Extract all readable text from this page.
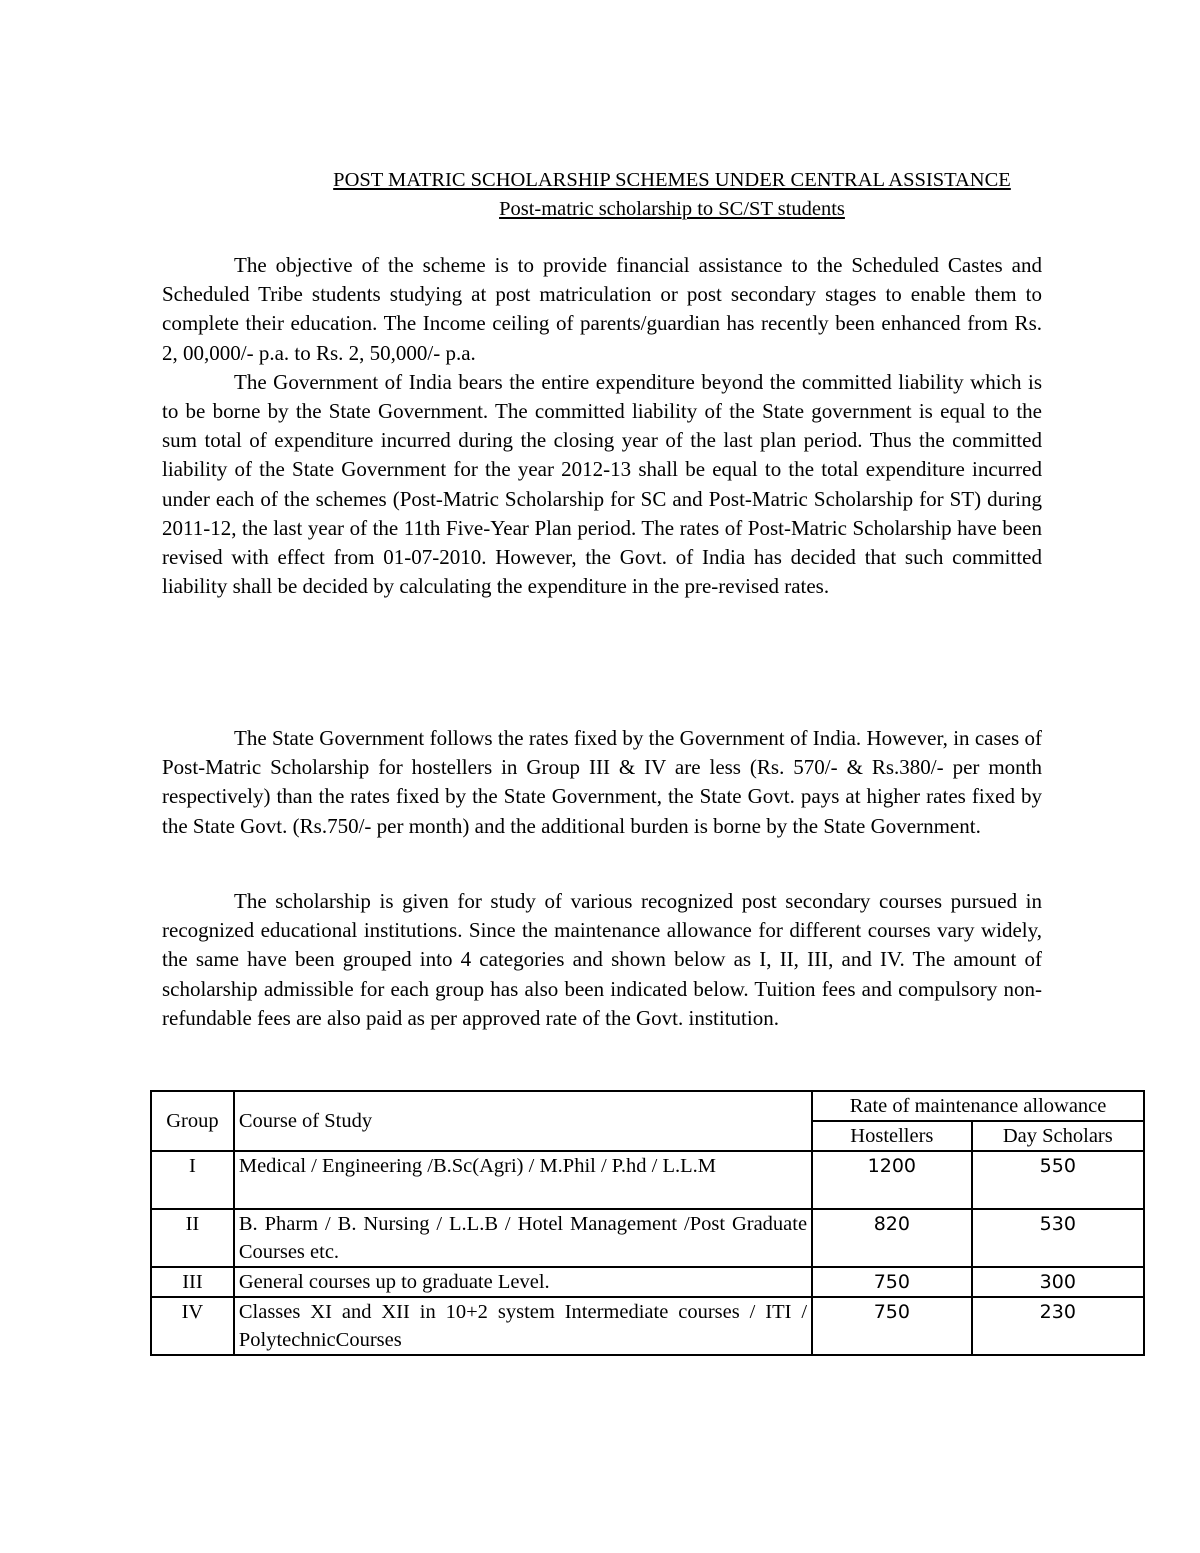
POST MATRIC SCHOLARSHIP SCHEMES UNDER CENTRAL ASSISTANCE
Post-matric scholarship to SC/ST students

The objective of the scheme is to provide financial assistance to the Scheduled Castes and Scheduled Tribe students studying at post matriculation or post secondary stages to enable them to complete their education. The Income ceiling of parents/guardian has recently been enhanced from Rs. 2, 00,000/- p.a. to Rs. 2, 50,000/- p.a.

The Government of India bears the entire expenditure beyond the committed liability which is to be borne by the State Government. The committed liability of the State government is equal to the sum total of expenditure incurred during the closing year of the last plan period. Thus the committed liability of the State Government for the year 2012-13 shall be equal to the total expenditure incurred under each of the schemes (Post-Matric Scholarship for SC and Post-Matric Scholarship for ST) during 2011-12, the last year of the 11th Five-Year Plan period. The rates of Post-Matric Scholarship have been revised with effect from 01-07-2010. However, the Govt. of India has decided that such committed liability shall be decided by calculating the expenditure in the pre-revised rates.

The State Government follows the rates fixed by the Government of India. However, in cases of Post-Matric Scholarship for hostellers in Group III & IV are less (Rs. 570/- & Rs.380/- per month respectively) than the rates fixed by the State Government, the State Govt. pays at higher rates fixed by the State Govt. (Rs.750/- per month) and the additional burden is borne by the State Government.

The scholarship is given for study of various recognized post secondary courses pursued in recognized educational institutions. Since the maintenance allowance for different courses vary widely, the same have been grouped into 4 categories and shown below as I, II, III, and IV. The amount of scholarship admissible for each group has also been indicated below. Tuition fees and compulsory non-refundable fees are also paid as per approved rate of the Govt. institution.

Group	Course of Study	Rate of maintenance allowance	
		Hostellers	Day Scholars
I	Medical / Engineering /B.Sc(Agri) / M.Phil / P.hd / L.L.M	1200	550
II	B. Pharm / B. Nursing / L.L.B / Hotel Management /Post Graduate Courses etc.	820	530
III	General courses up to graduate Level.	750	300
IV	Classes XI and XII in 10+2 system Intermediate courses / ITI / PolytechnicCourses	750	230
